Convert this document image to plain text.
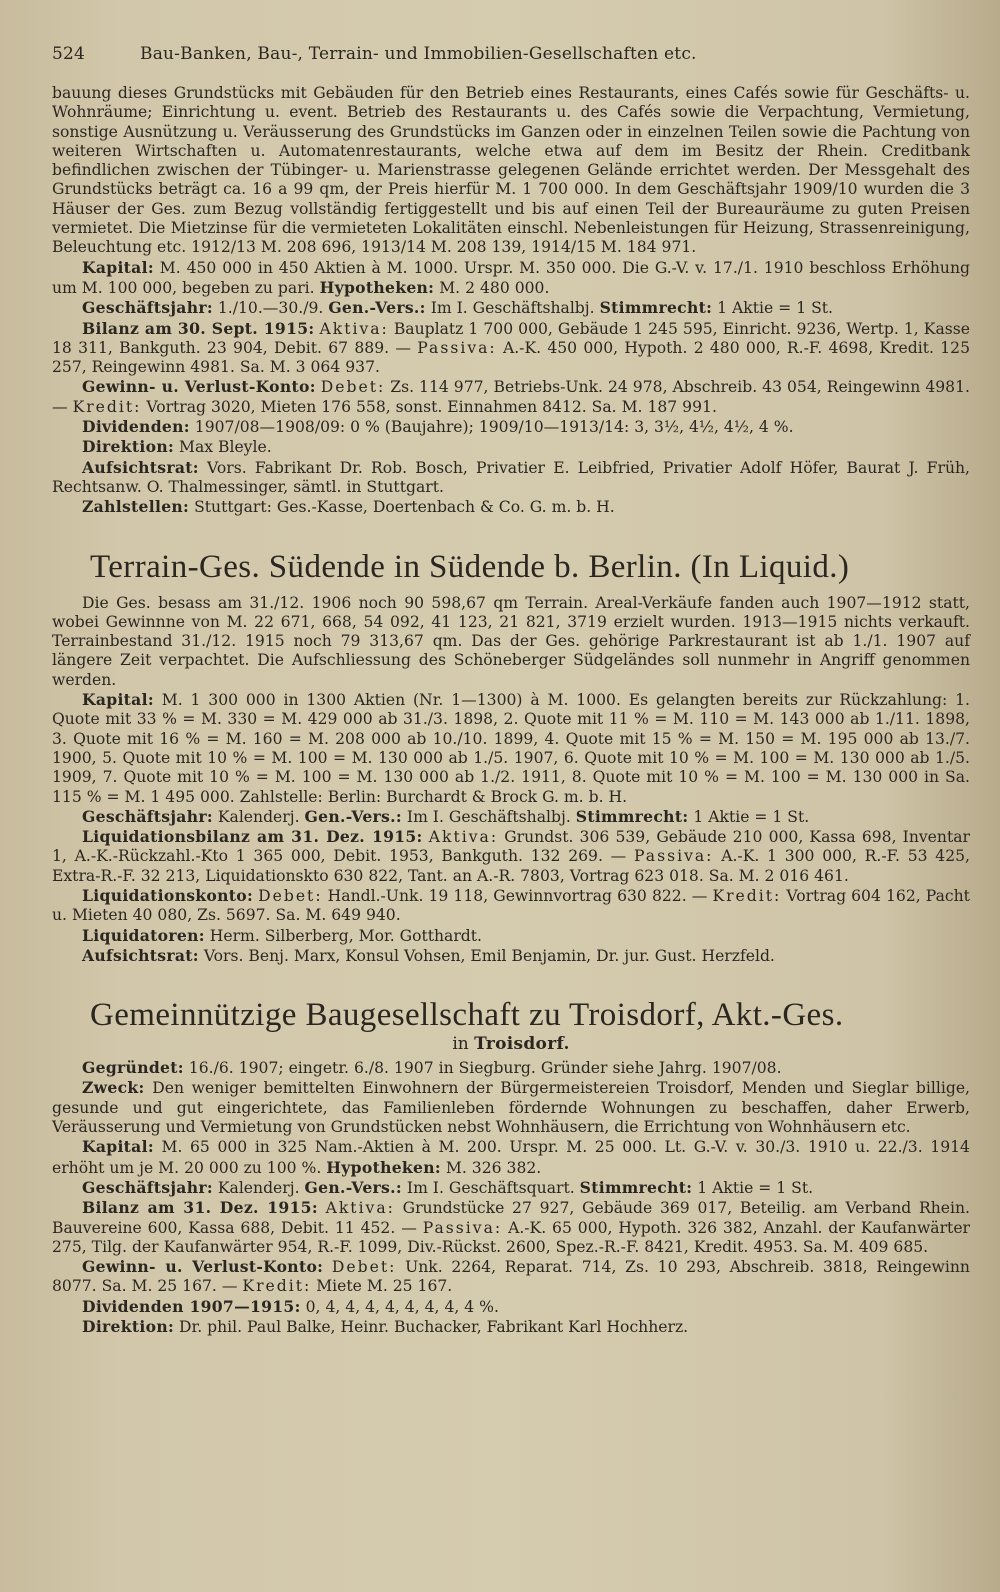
524	Bau-Banken, Bau-, Terrain- und Immobilien-Gesellschaften etc.

bauung dieses Grundstücks mit Gebäuden für den Betrieb eines Restaurants, eines Cafés sowie für Geschäfts- u. Wohnräume; Einrichtung u. event. Betrieb des Restaurants u. des Cafés sowie die Verpachtung, Vermietung, sonstige Ausnützung u. Veräusserung des Grundstücks im Ganzen oder in einzelnen Teilen sowie die Pachtung von weiteren Wirtschaften u. Automatenrestaurants, welche etwa auf dem im Besitz der Rhein. Creditbank befindlichen zwischen der Tübinger- u. Marienstrasse gelegenen Gelände errichtet werden. Der Messgehalt des Grundstücks beträgt ca. 16 a 99 qm, der Preis hierfür M. 1 700 000. In dem Geschäftsjahr 1909/10 wurden die 3 Häuser der Ges. zum Bezug vollständig fertiggestellt und bis auf einen Teil der Bureauräume zu guten Preisen vermietet. Die Mietzinse für die vermieteten Lokalitäten einschl. Nebenleistungen für Heizung, Strassenreinigung, Beleuchtung etc. 1912/13 M. 208 696, 1913/14 M. 208 139, 1914/15 M. 184 971.

Kapital: M. 450 000 in 450 Aktien à M. 1000. Urspr. M. 350 000. Die G.-V. v. 17./1. 1910 beschloss Erhöhung um M. 100 000, begeben zu pari. Hypotheken: M. 2 480 000.

Geschäftsjahr: 1./10.—30./9. Gen.-Vers.: Im I. Geschäftshalbj. Stimmrecht: 1 Aktie = 1 St.

Bilanz am 30. Sept. 1915: Aktiva: Bauplatz 1 700 000, Gebäude 1 245 595, Einricht. 9236, Wertp. 1, Kasse 18 311, Bankguth. 23 904, Debit. 67 889. — Passiva: A.-K. 450 000, Hypoth. 2 480 000, R.-F. 4698, Kredit. 125 257, Reingewinn 4981. Sa. M. 3 064 937.

Gewinn- u. Verlust-Konto: Debet: Zs. 114 977, Betriebs-Unk. 24 978, Abschreib. 43 054, Reingewinn 4981. — Kredit: Vortrag 3020, Mieten 176 558, sonst. Einnahmen 8412. Sa. M. 187 991.

Dividenden: 1907/08—1908/09: 0 % (Baujahre); 1909/10—1913/14: 3, 3½, 4½, 4½, 4 %.

Direktion: Max Bleyle.

Aufsichtsrat: Vors. Fabrikant Dr. Rob. Bosch, Privatier E. Leibfried, Privatier Adolf Höfer, Baurat J. Früh, Rechtsanw. O. Thalmessinger, sämtl. in Stuttgart.

Zahlstellen: Stuttgart: Ges.-Kasse, Doertenbach & Co. G. m. b. H.

Terrain-Ges. Südende in Südende b. Berlin. (In Liquid.)

Die Ges. besass am 31./12. 1906 noch 90 598,67 qm Terrain. Areal-Verkäufe fanden auch 1907—1912 statt, wobei Gewinnne von M. 22 671, 668, 54 092, 41 123, 21 821, 3719 erzielt wurden. 1913—1915 nichts verkauft. Terrainbestand 31./12. 1915 noch 79 313,67 qm. Das der Ges. gehörige Parkrestaurant ist ab 1./1. 1907 auf längere Zeit verpachtet. Die Aufschliessung des Schöneberger Südgeländes soll nunmehr in Angriff genommen werden.

Kapital: M. 1 300 000 in 1300 Aktien (Nr. 1—1300) à M. 1000. Es gelangten bereits zur Rückzahlung: 1. Quote mit 33 % = M. 330 = M. 429 000 ab 31./3. 1898, 2. Quote mit 11 % = M. 110 = M. 143 000 ab 1./11. 1898, 3. Quote mit 16 % = M. 160 = M. 208 000 ab 10./10. 1899, 4. Quote mit 15 % = M. 150 = M. 195 000 ab 13./7. 1900, 5. Quote mit 10 % = M. 100 = M. 130 000 ab 1./5. 1907, 6. Quote mit 10 % = M. 100 = M. 130 000 ab 1./5. 1909, 7. Quote mit 10 % = M. 100 = M. 130 000 ab 1./2. 1911, 8. Quote mit 10 % = M. 100 = M. 130 000 in Sa. 115 % = M. 1 495 000. Zahlstelle: Berlin: Burchardt & Brock G. m. b. H.

Geschäftsjahr: Kalenderj. Gen.-Vers.: Im I. Geschäftshalbj. Stimmrecht: 1 Aktie = 1 St.

Liquidationsbilanz am 31. Dez. 1915: Aktiva: Grundst. 306 539, Gebäude 210 000, Kassa 698, Inventar 1, A.-K.-Rückzahl.-Kto 1 365 000, Debit. 1953, Bankguth. 132 269. — Passiva: A.-K. 1 300 000, R.-F. 53 425, Extra-R.-F. 32 213, Liquidationskto 630 822, Tant. an A.-R. 7803, Vortrag 623 018. Sa. M. 2 016 461.

Liquidationskonto: Debet: Handl.-Unk. 19 118, Gewinnvortrag 630 822. — Kredit: Vortrag 604 162, Pacht u. Mieten 40 080, Zs. 5697. Sa. M. 649 940.

Liquidatoren: Herm. Silberberg, Mor. Gotthardt.

Aufsichtsrat: Vors. Benj. Marx, Konsul Vohsen, Emil Benjamin, Dr. jur. Gust. Herzfeld.

Gemeinnützige Baugesellschaft zu Troisdorf, Akt.-Ges.
in Troisdorf.

Gegründet: 16./6. 1907; eingetr. 6./8. 1907 in Siegburg. Gründer siehe Jahrg. 1907/08.

Zweck: Den weniger bemittelten Einwohnern der Bürgermeistereien Troisdorf, Menden und Sieglar billige, gesunde und gut eingerichtete, das Familienleben fördernde Wohnungen zu beschaffen, daher Erwerb, Veräusserung und Vermietung von Grundstücken nebst Wohnhäusern, die Errichtung von Wohnhäusern etc.

Kapital: M. 65 000 in 325 Nam.-Aktien à M. 200. Urspr. M. 25 000. Lt. G.-V. v. 30./3. 1910 u. 22./3. 1914 erhöht um je M. 20 000 zu 100 %. Hypotheken: M. 326 382.

Geschäftsjahr: Kalenderj. Gen.-Vers.: Im I. Geschäftsquart. Stimmrecht: 1 Aktie = 1 St.

Bilanz am 31. Dez. 1915: Aktiva: Grundstücke 27 927, Gebäude 369 017, Beteilig. am Verband Rhein. Bauvereine 600, Kassa 688, Debit. 11 452. — Passiva: A.-K. 65 000, Hypoth. 326 382, Anzahl. der Kaufanwärter 275, Tilg. der Kaufanwärter 954, R.-F. 1099, Div.-Rückst. 2600, Spez.-R.-F. 8421, Kredit. 4953. Sa. M. 409 685.

Gewinn- u. Verlust-Konto: Debet: Unk. 2264, Reparat. 714, Zs. 10 293, Abschreib. 3818, Reingewinn 8077. Sa. M. 25 167. — Kredit: Miete M. 25 167.

Dividenden 1907—1915: 0, 4, 4, 4, 4, 4, 4, 4, 4 %.

Direktion: Dr. phil. Paul Balke, Heinr. Buchacker, Fabrikant Karl Hochherz.
